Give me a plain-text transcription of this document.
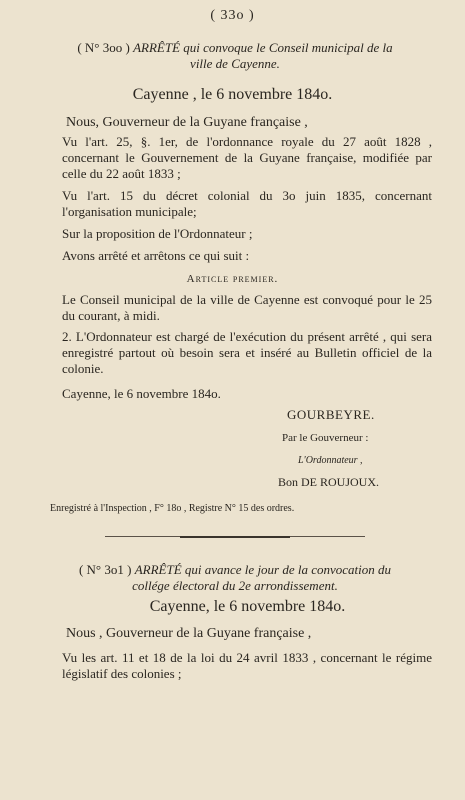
( 33o )
( N° 3oo ) ARRÊTÉ qui convoque le Conseil municipal de la
ville de Cayenne.
Cayenne , le 6 novembre 184o.
Nous, Gouverneur de la Guyane française ,
Vu l'art. 25, §. 1er, de l'ordonnance royale du 27 août 1828 , concernant le Gouvernement de la Guyane française, modifiée par celle du 22 août 1833 ;
Vu l'art. 15 du décret colonial du 3o juin 1835, concernant l'organisation municipale;
Sur la proposition de l'Ordonnateur ;
Avons arrêté et arrêtons ce qui suit :
Article premier.
Le Conseil municipal de la ville de Cayenne est convoqué pour le 25 du courant, à midi.
2. L'Ordonnateur est chargé de l'exécution du présent arrêté , qui sera enregistré partout où besoin sera et inséré au Bulletin officiel de la colonie.
Cayenne, le 6 novembre 184o.
GOURBEYRE.
Par le Gouverneur :
L'Ordonnateur ,
Bon DE ROUJOUX.
Enregistré à l'Inspection , F° 18o , Registre N° 15 des ordres.
( N° 3o1 ) ARRÊTÉ qui avance le jour de la convocation du
collége électoral du 2e arrondissement.
Cayenne, le 6 novembre 184o.
Nous , Gouverneur de la Guyane française ,
Vu les art. 11 et 18 de la loi du 24 avril 1833 , concernant le régime législatif des colonies ;
